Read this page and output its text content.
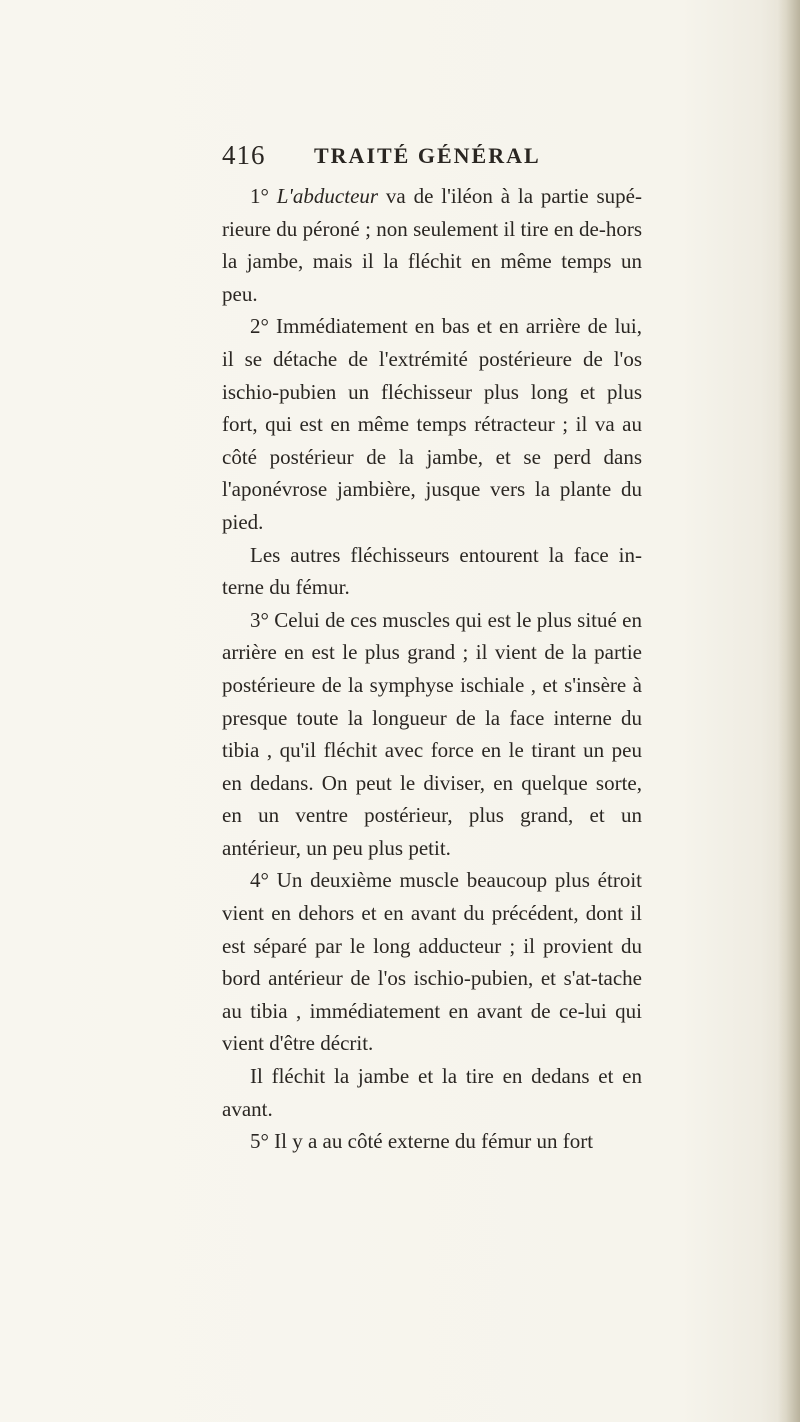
416 TRAITÉ GÉNÉRAL

1° L'abducteur va de l'iléon à la partie supé-rieure du péroné ; non seulement il tire en de-hors la jambe, mais il la fléchit en même temps un peu.

2° Immédiatement en bas et en arrière de lui, il se détache de l'extrémité postérieure de l'os ischio-pubien un fléchisseur plus long et plus fort, qui est en même temps rétracteur ; il va au côté postérieur de la jambe, et se perd dans l'aponévrose jambière, jusque vers la plante du pied.

Les autres fléchisseurs entourent la face in-terne du fémur.

3° Celui de ces muscles qui est le plus situé en arrière en est le plus grand ; il vient de la partie postérieure de la symphyse ischiale , et s'insère à presque toute la longueur de la face interne du tibia , qu'il fléchit avec force en le tirant un peu en dedans. On peut le diviser, en quelque sorte, en un ventre postérieur, plus grand, et un antérieur, un peu plus petit.

4° Un deuxième muscle beaucoup plus étroit vient en dehors et en avant du précédent, dont il est séparé par le long adducteur ; il provient du bord antérieur de l'os ischio-pubien, et s'at-tache au tibia , immédiatement en avant de ce-lui qui vient d'être décrit.

Il fléchit la jambe et la tire en dedans et en avant.

5° Il y a au côté externe du fémur un fort
